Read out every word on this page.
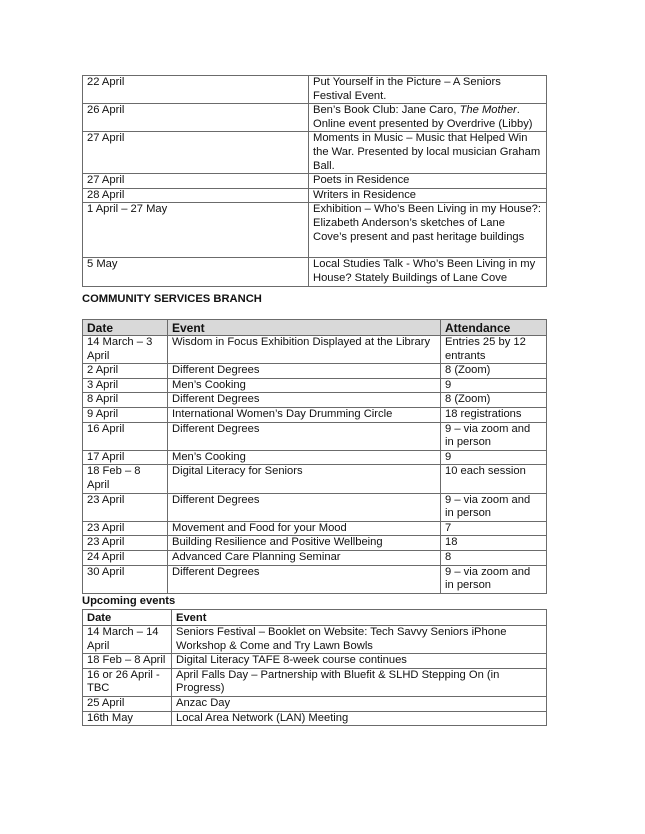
22 April	Put Yourself in the Picture – A Seniors Festival Event.
26 April	Ben’s Book Club: Jane Caro, The Mother. Online event presented by Overdrive (Libby)
27 April	Moments in Music – Music that Helped Win the War. Presented by local musician Graham Ball.
27 April	Poets in Residence
28 April	Writers in Residence
1 April – 27 May	Exhibition – Who’s Been Living in my House?: Elizabeth Anderson’s sketches of Lane Cove’s present and past heritage buildings
5 May	Local Studies Talk - Who’s Been Living in my House? Stately Buildings of Lane Cove
COMMUNITY SERVICES BRANCH
Date	Event	Attendance
14 March – 3 April	Wisdom in Focus Exhibition Displayed at the Library	Entries 25 by 12 entrants
2 April	Different Degrees	8 (Zoom)
3 April	Men’s Cooking	9
8 April	Different Degrees	8 (Zoom)
9 April	International Women’s Day Drumming Circle	18 registrations
16 April	Different Degrees	9 – via zoom and in person
17 April	Men’s Cooking	9
18 Feb – 8 April	Digital Literacy for Seniors	10 each session
23 April	Different Degrees	9 – via zoom and in person
23 April	Movement and Food for your Mood	7
23 April	Building Resilience and Positive Wellbeing	18
24 April	Advanced Care Planning Seminar	8
30 April	Different Degrees	9 – via zoom and in person
Upcoming events
Date	Event
14 March – 14 April	Seniors Festival – Booklet on Website: Tech Savvy Seniors iPhone Workshop & Come and Try Lawn Bowls
18 Feb – 8 April	Digital Literacy TAFE 8-week course continues
16 or 26 April - TBC	April Falls Day – Partnership with Bluefit & SLHD Stepping On (in Progress)
25 April	Anzac Day
16th May	Local Area Network (LAN) Meeting
